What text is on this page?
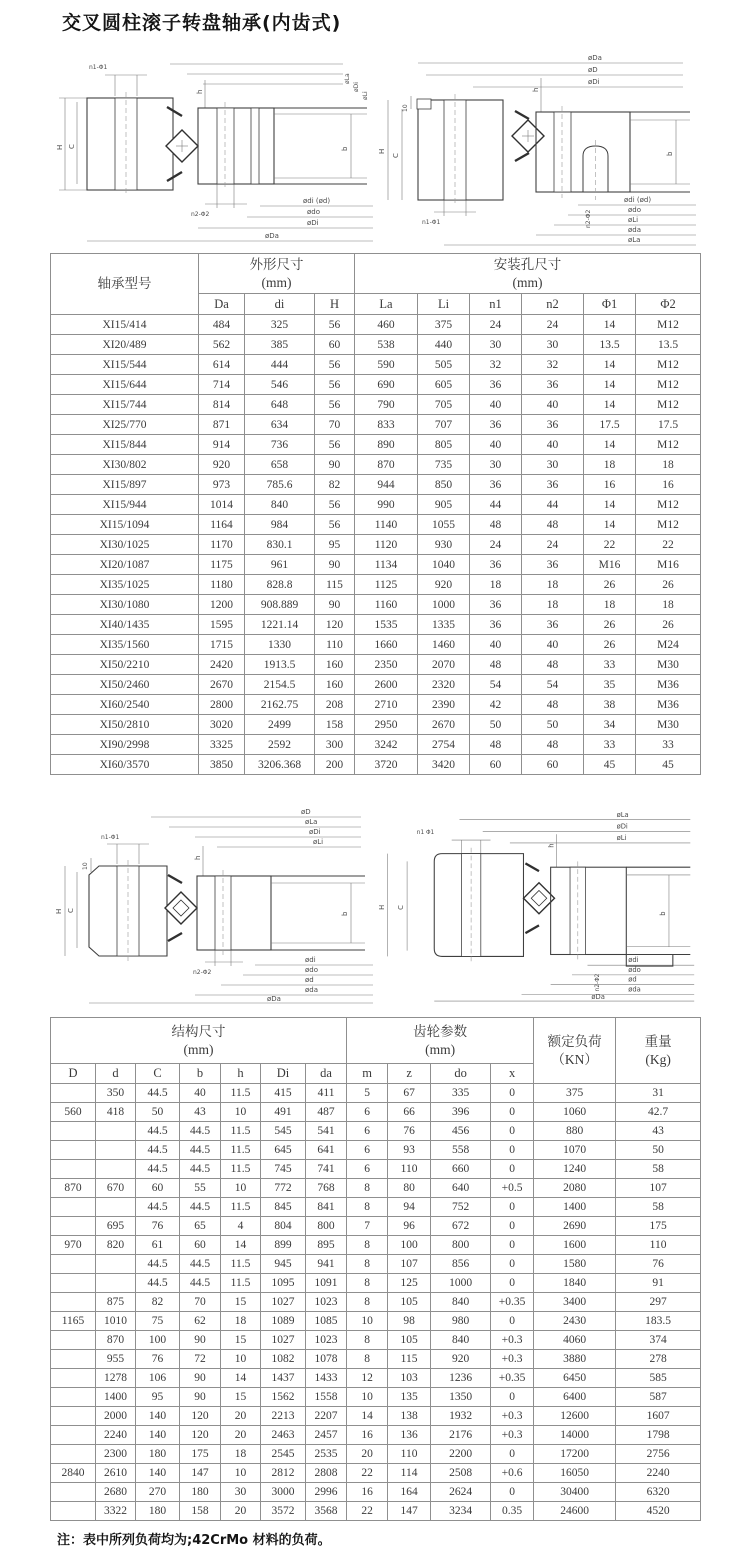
交叉圆柱滚子转盘轴承(内齿式)
H C
n1-Φ1
h
b
n2-Φ2
øLa
øDi
øLi
ødi (ød)
ødo
øDi
øDa
øDa
øD
øDi
H
C
10
n1-Φ1
h
b
n2-Φ2
ødi (ød)
ødo
øLi
øda
øLa
轴承型号	
外形尺寸
(mm)

安装孔尺寸
(mm)

	Da	di	H	La	Li	n1	n2	Φ1	Φ2
XI15/414	484	325	56	460	375	24	24	14	M12
XI20/489	562	385	60	538	440	30	30	13.5	13.5
XI15/544	614	444	56	590	505	32	32	14	M12
XI15/644	714	546	56	690	605	36	36	14	M12
XI15/744	814	648	56	790	705	40	40	14	M12
XI25/770	871	634	70	833	707	36	36	17.5	17.5
XI15/844	914	736	56	890	805	40	40	14	M12
XI30/802	920	658	90	870	735	30	30	18	18
XI15/897	973	785.6	82	944	850	36	36	16	16
XI15/944	1014	840	56	990	905	44	44	14	M12
XI15/1094	1164	984	56	1140	1055	48	48	14	M12
XI30/1025	1170	830.1	95	1120	930	24	24	22	22
XI20/1087	1175	961	90	1134	1040	36	36	M16	M16
XI35/1025	1180	828.8	115	1125	920	18	18	26	26
XI30/1080	1200	908.889	90	1160	1000	36	18	18	18
XI40/1435	1595	1221.14	120	1535	1335	36	36	26	26
XI35/1560	1715	1330	110	1660	1460	40	40	26	M24
XI50/2210	2420	1913.5	160	2350	2070	48	48	33	M30
XI50/2460	2670	2154.5	160	2600	2320	54	54	35	M36
XI60/2540	2800	2162.75	208	2710	2390	42	48	38	M36
XI50/2810	3020	2499	158	2950	2670	50	50	34	M30
XI90/2998	3325	2592	300	3242	2754	48	48	33	33
XI60/3570	3850	3206.368	200	3720	3420	60	60	45	45
H C
10
n1-Φ1
h
b
n2-Φ2
øD
øLa
øDi
øLi
ødi
ødo
ød
øda
øDa
n1 Φ1
H C
h
b
n2-Φ2
øLa
øDi
øLi
ødi
ødo
ød
øda
øDa
结构尺寸
(mm)

齿轮参数
(mm)

额定负荷
（KN）

重量
(Kg)

D	d	C	b	h	Di	da	m	z	do	x		
	350	44.5	40	11.5	415	411	5	67	335	0	375	31
560	418	50	43	10	491	487	6	66	396	0	1060	42.7
		44.5	44.5	11.5	545	541	6	76	456	0	880	43
		44.5	44.5	11.5	645	641	6	93	558	0	1070	50
		44.5	44.5	11.5	745	741	6	110	660	0	1240	58
870	670	60	55	10	772	768	8	80	640	+0.5	2080	107
		44.5	44.5	11.5	845	841	8	94	752	0	1400	58
	695	76	65	4	804	800	7	96	672	0	2690	175
970	820	61	60	14	899	895	8	100	800	0	1600	110
		44.5	44.5	11.5	945	941	8	107	856	0	1580	76
		44.5	44.5	11.5	1095	1091	8	125	1000	0	1840	91
	875	82	70	15	1027	1023	8	105	840	+0.35	3400	297
1165	1010	75	62	18	1089	1085	10	98	980	0	2430	183.5
	870	100	90	15	1027	1023	8	105	840	+0.3	4060	374
	955	76	72	10	1082	1078	8	115	920	+0.3	3880	278
	1278	106	90	14	1437	1433	12	103	1236	+0.35	6450	585
	1400	95	90	15	1562	1558	10	135	1350	0	6400	587
	2000	140	120	20	2213	2207	14	138	1932	+0.3	12600	1607
	2240	140	120	20	2463	2457	16	136	2176	+0.3	14000	1798
	2300	180	175	18	2545	2535	20	110	2200	0	17200	2756
2840	2610	140	147	10	2812	2808	22	114	2508	+0.6	16050	2240
	2680	270	180	30	3000	2996	16	164	2624	0	30400	6320
	3322	180	158	20	3572	3568	22	147	3234	0.35	24600	4520
注：表中所列负荷均为;42CrMo 材料的负荷。
